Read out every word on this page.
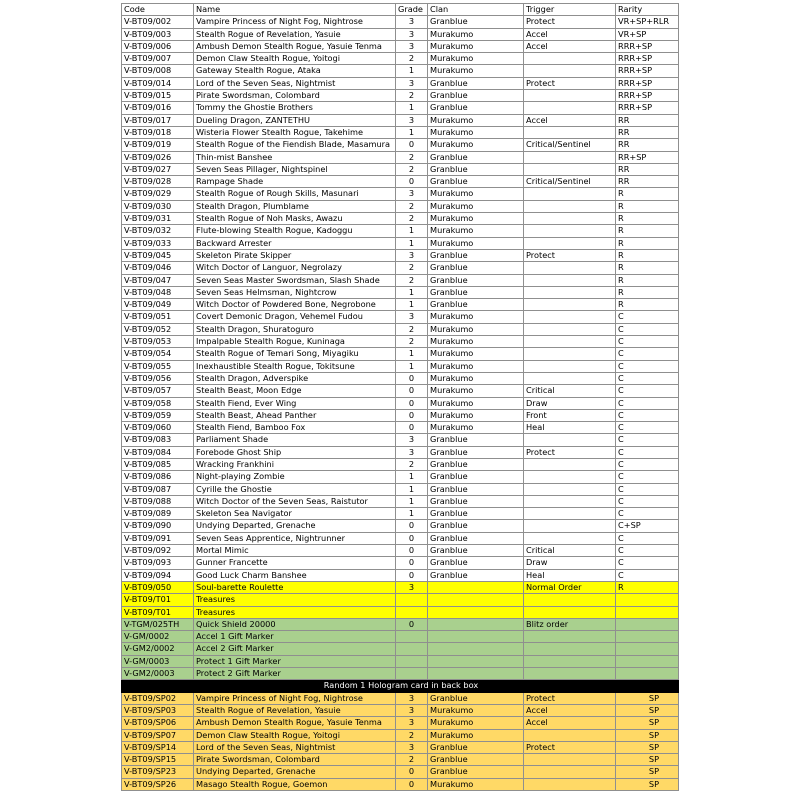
Code	Name	Grade	Clan	Trigger	Rarity
V-BT09/002	Vampire Princess of Night Fog, Nightrose	3	Granblue	Protect	VR+SP+RLR
V-BT09/003	Stealth Rogue of Revelation, Yasuie	3	Murakumo	Accel	VR+SP
V-BT09/006	Ambush Demon Stealth Rogue, Yasuie Tenma	3	Murakumo	Accel	RRR+SP
V-BT09/007	Demon Claw Stealth Rogue, Yoitogi	2	Murakumo		RRR+SP
V-BT09/008	Gateway Stealth Rogue, Ataka	1	Murakumo		RRR+SP
V-BT09/014	Lord of the Seven Seas, Nightmist	3	Granblue	Protect	RRR+SP
V-BT09/015	Pirate Swordsman, Colombard	2	Granblue		RRR+SP
V-BT09/016	Tommy the Ghostie Brothers	1	Granblue		RRR+SP
V-BT09/017	Dueling Dragon, ZANTETHU	3	Murakumo	Accel	RR
V-BT09/018	Wisteria Flower Stealth Rogue, Takehime	1	Murakumo		RR
V-BT09/019	Stealth Rogue of the Fiendish Blade, Masamura	0	Murakumo	Critical/Sentinel	RR
V-BT09/026	Thin-mist Banshee	2	Granblue		RR+SP
V-BT09/027	Seven Seas Pillager, Nightspinel	2	Granblue		RR
V-BT09/028	Rampage Shade	0	Granblue	Critical/Sentinel	RR
V-BT09/029	Stealth Rogue of Rough Skills, Masunari	3	Murakumo		R
V-BT09/030	Stealth Dragon, Plumblame	2	Murakumo		R
V-BT09/031	Stealth Rogue of Noh Masks, Awazu	2	Murakumo		R
V-BT09/032	Flute-blowing Stealth Rogue, Kadoggu	1	Murakumo		R
V-BT09/033	Backward Arrester	1	Murakumo		R
V-BT09/045	Skeleton Pirate Skipper	3	Granblue	Protect	R
V-BT09/046	Witch Doctor of Languor, Negrolazy	2	Granblue		R
V-BT09/047	Seven Seas Master Swordsman, Slash Shade	2	Granblue		R
V-BT09/048	Seven Seas Helmsman, Nightcrow	1	Granblue		R
V-BT09/049	Witch Doctor of Powdered Bone, Negrobone	1	Granblue		R
V-BT09/051	Covert Demonic Dragon, Vehemel Fudou	3	Murakumo		C
V-BT09/052	Stealth Dragon, Shuratoguro	2	Murakumo		C
V-BT09/053	Impalpable Stealth Rogue, Kuninaga	2	Murakumo		C
V-BT09/054	Stealth Rogue of Temari Song, Miyagiku	1	Murakumo		C
V-BT09/055	Inexhaustible Stealth Rogue, Tokitsune	1	Murakumo		C
V-BT09/056	Stealth Dragon, Adverspike	0	Murakumo		C
V-BT09/057	Stealth Beast, Moon Edge	0	Murakumo	Critical	C
V-BT09/058	Stealth Fiend, Ever Wing	0	Murakumo	Draw	C
V-BT09/059	Stealth Beast, Ahead Panther	0	Murakumo	Front	C
V-BT09/060	Stealth Fiend, Bamboo Fox	0	Murakumo	Heal	C
V-BT09/083	Parliament Shade	3	Granblue		C
V-BT09/084	Forebode Ghost Ship	3	Granblue	Protect	C
V-BT09/085	Wracking Frankhini	2	Granblue		C
V-BT09/086	Night-playing Zombie	1	Granblue		C
V-BT09/087	Cyrille the Ghostie	1	Granblue		C
V-BT09/088	Witch Doctor of the Seven Seas, Raistutor	1	Granblue		C
V-BT09/089	Skeleton Sea Navigator	1	Granblue		C
V-BT09/090	Undying Departed, Grenache	0	Granblue		C+SP
V-BT09/091	Seven Seas Apprentice, Nightrunner	0	Granblue		C
V-BT09/092	Mortal Mimic	0	Granblue	Critical	C
V-BT09/093	Gunner Francette	0	Granblue	Draw	C
V-BT09/094	Good Luck Charm Banshee	0	Granblue	Heal	C
V-BT09/050	Soul-barette Roulette	3		Normal Order	R
V-BT09/T01	Treasures				
V-BT09/T01	Treasures				
V-TGM/025TH	Quick Shield 20000	0		Blitz order	
V-GM/0002	Accel 1 Gift Marker				
V-GM2/0002	Accel 2 Gift Marker				
V-GM/0003	Protect 1 Gift Marker				
V-GM2/0003	Protect 2 Gift Marker				
Random 1 Hologram card in back box					
V-BT09/SP02	Vampire Princess of Night Fog, Nightrose	3	Granblue	Protect	SP
V-BT09/SP03	Stealth Rogue of Revelation, Yasuie	3	Murakumo	Accel	SP
V-BT09/SP06	Ambush Demon Stealth Rogue, Yasuie Tenma	3	Murakumo	Accel	SP
V-BT09/SP07	Demon Claw Stealth Rogue, Yoitogi	2	Murakumo		SP
V-BT09/SP14	Lord of the Seven Seas, Nightmist	3	Granblue	Protect	SP
V-BT09/SP15	Pirate Swordsman, Colombard	2	Granblue		SP
V-BT09/SP23	Undying Departed, Grenache	0	Granblue		SP
V-BT09/SP26	Masago Stealth Rogue, Goemon	0	Murakumo		SP
